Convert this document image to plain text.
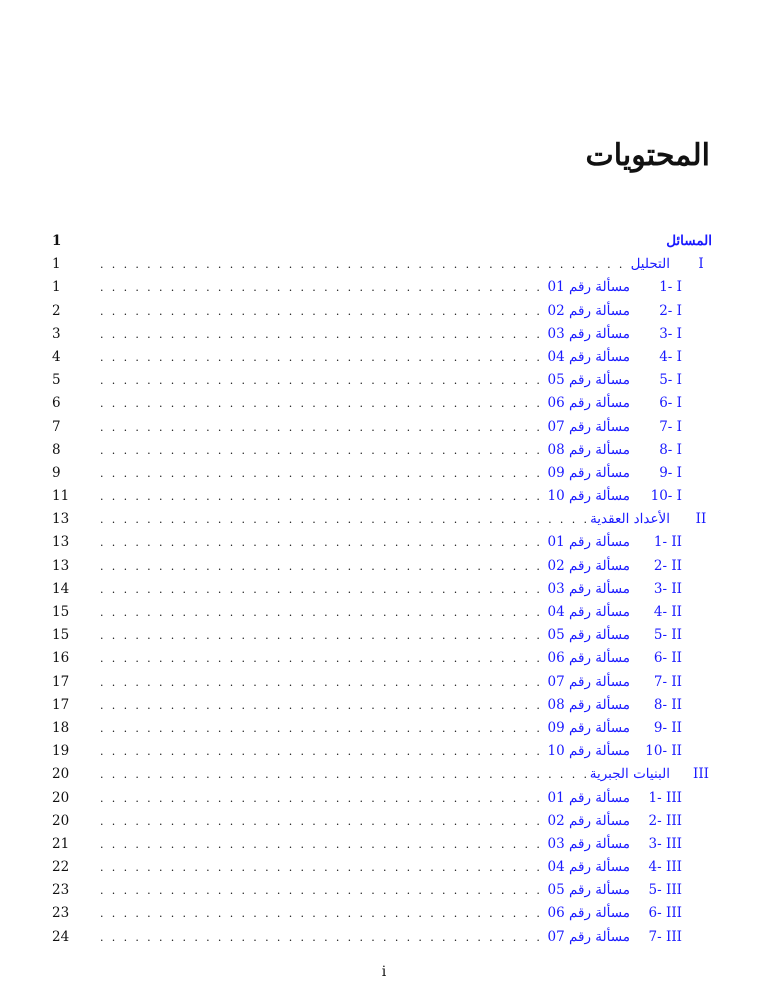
المحتويات
1	المسائل
1 . . .	التحليل	I
1 . . .	مسألة رقم 01 1- I
2 . . .	مسألة رقم 02 2- I
3 . . .	مسألة رقم 03 3- I
4 . . .	مسألة رقم 04 4- I
5 . . .	مسألة رقم 05 5- I
6 . . .	مسألة رقم 06 6- I
7 . . .	مسألة رقم 07 7- I
8 . . .	مسألة رقم 08 8- I
9 . . .	مسألة رقم 09 9- I
11 . . .	مسألة رقم 10 10- I
13 . . .	الأعداد العقدية	II
13 . . .	مسألة رقم 01 1- II
13 . . .	مسألة رقم 02 2- II
14 . . .	مسألة رقم 03 3- II
15 . . .	مسألة رقم 04 4- II
15 . . .	مسألة رقم 05 5- II
16 . . .	مسألة رقم 06 6- II
17 . . .	مسألة رقم 07 7- II
17 . . .	مسألة رقم 08 8- II
18 . . .	مسألة رقم 09 9- II
19 . . .	مسألة رقم 10 10- II
20 . . .	البنيات الجبرية III
20 . . .	مسألة رقم 01 1- III
20 . . .	مسألة رقم 02 2- III
21 . . .	مسألة رقم 03 3- III
22 . . .	مسألة رقم 04 4- III
23 . . .	مسألة رقم 05 5- III
23 . . .	مسألة رقم 06 6- III
24 . . .	مسألة رقم 07 7- III
i
